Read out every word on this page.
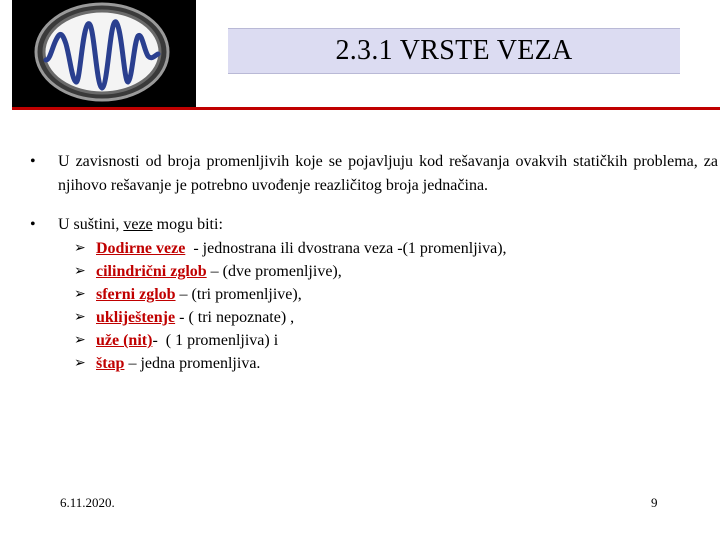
2.3.1 VRSTE VEZA
• U zavisnosti od broja promenljivih koje se pojavljuju kod rešavanja ovakvih statičkih problema, za njihovo rešavanje je potrebno uvođenje reazličitog broja jednačina.
• U suštini, veze mogu biti:
➢ Dodirne veze  - jednostrana ili dvostrana veza -(1 promenljiva),
➢ cilindrični zglob – (dve promenljive),
➢ sferni zglob – (tri promenljive),
➢ ukliještenje - ( tri nepoznate) ,
➢ uže (nit)-  ( 1 promenljiva) i
➢ štap – jedna promenljiva.
6.11.2020.	9
